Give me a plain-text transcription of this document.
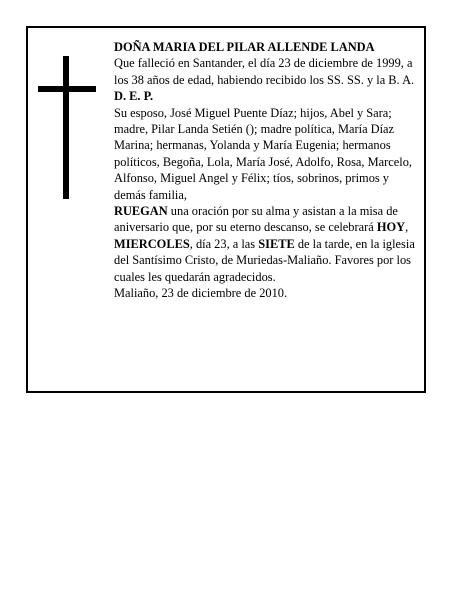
DOÑA MARIA DEL PILAR ALLENDE LANDA

Que falleció en Santander, el día 23 de diciembre de 1999, a los 38 años de edad, habiendo recibido los SS. SS. y la B. A.

D. E. P.

Su esposo, José Miguel Puente Díaz; hijos, Abel y Sara; madre, Pilar Landa Setién (); madre política, María Díaz Marina; hermanas, Yolanda y María Eugenia; hermanos políticos, Begoña, Lola, María José, Adolfo, Rosa, Marcelo, Alfonso, Miguel Angel y Félix; tíos, sobrinos, primos y demás familia,

RUEGAN una oración por su alma y asistan a la misa de aniversario que, por su eterno descanso, se celebrará HOY, MIERCOLES, día 23, a las SIETE de la tarde, en la iglesia del Santísimo Cristo, de Muriedas-Maliaño. Favores por los cuales les quedarán agradecidos.

Maliaño, 23 de diciembre de 2010.
